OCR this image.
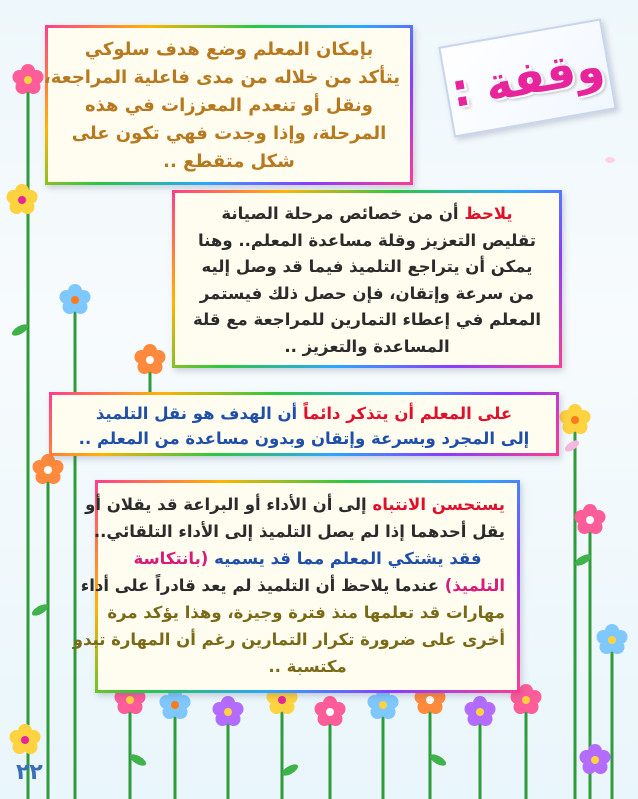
وقفة :
بإمكان المعلم وضع هدف سلوكي
يتأكد من خلاله من مدى فاعلية المراجعة،
ونقل أو تنعدم المعززات في هذه
المرحلة، وإذا وجدت فهي تكون على
شكل متقطع ..
يلاحظ أن من خصائص مرحلة الصيانة
تقليص التعزيز وقلة مساعدة المعلم.. وهنا
يمكن أن يتراجع التلميذ فيما قد وصل إليه
من سرعة وإتقان، فإن حصل ذلك فيستمر
المعلم في إعطاء التمارين للمراجعة مع قلة
المساعدة والتعزيز ..
على المعلم أن يتذكر دائماً أن الهدف هو نقل التلميذ
إلى المجرد وبسرعة وإتقان وبدون مساعدة من المعلم ..
يستحسن الانتباه إلى أن الأداء أو البراعة قد يقلان أو
يقل أحدهما إذا لم يصل التلميذ إلى الأداء التلقائي..
فقد يشتكي المعلم مما قد يسميه (بانتكاسة
التلميذ) عندما يلاحظ أن التلميذ لم يعد قادراً على أداء
مهارات قد تعلمها منذ فترة وجيزة، وهذا يؤكد مرة
أخرى على ضرورة تكرار التمارين رغم أن المهارة تبدو
مكتسبة ..
٢٢
